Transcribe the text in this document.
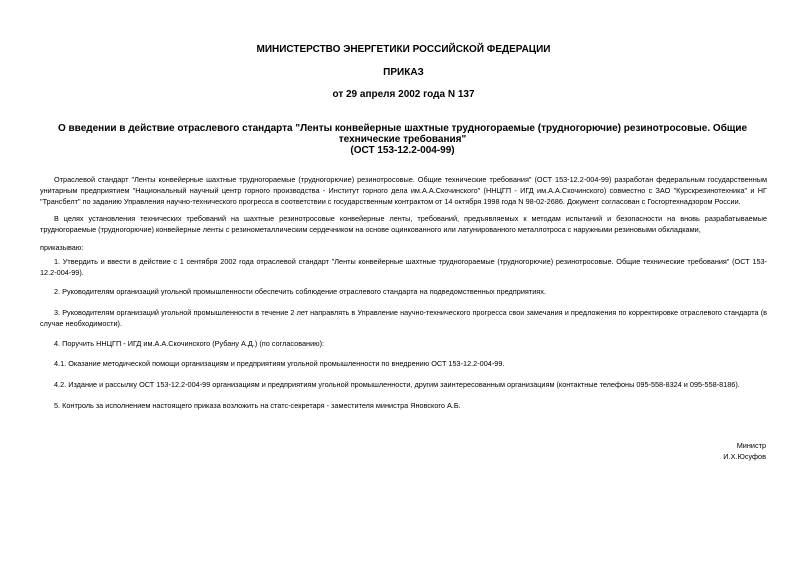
МИНИСТЕРСТВО ЭНЕРГЕТИКИ РОССИЙСКОЙ ФЕДЕРАЦИИ
ПРИКАЗ
от 29 апреля 2002 года N 137
О введении в действие отраслевого стандарта "Ленты конвейерные шахтные трудногораемые (трудногорючие) резинотросовые. Общие технические требования"
(ОСТ 153-12.2-004-99)
Отраслевой стандарт "Ленты конвейерные шахтные трудногораемые (трудногорючие) резинотросовые. Общие технические требования" (ОСТ 153-12.2-004-99) разработан федеральным государственным унитарным предприятием "Национальный научный центр горного производства - Институт горного дела им.А.А.Скочинского" (ННЦГП - ИГД им.А.А.Скочинского) совместно с ЗАО "Курскрезинотехника" и НГ "Трансбелт" по заданию Управления научно-технического прогресса в соответствии с государственным контрактом от 14 октября 1998 года N 98-02-2686. Документ согласован с Госгортехнадзором России.
В целях установления технических требований на шахтные резинотросовые конвейерные ленты, требований, предъявляемых к методам испытаний и безопасности на вновь разрабатываемые трудногораемые (трудногорючие) конвейерные ленты с резинометаллическим сердечником на основе оцинкованного или латунированного металлотроса с наружными резиновыми обкладками,
приказываю:
1. Утвердить и ввести в действие с 1 сентября 2002 года отраслевой стандарт "Ленты конвейерные шахтные трудногораемые (трудногорючие) резинотросовые. Общие технические требования" (ОСТ 153-12.2-004-99).
2. Руководителям организаций угольной промышленности обеспечить соблюдение отраслевого стандарта на подведомственных предприятиях.
3. Руководителям организаций угольной промышленности в течение 2 лет направлять в Управление научно-технического прогресса свои замечания и предложения по корректировке отраслевого стандарта (в случае необходимости).
4. Поручить ННЦГП - ИГД им.А.А.Скочинского (Рубану А.Д.) (по согласованию):
4.1. Оказание методической помощи организациям и предприятиям угольной промышленности по внедрению ОСТ 153-12.2-004-99.
4.2. Издание и рассылку ОСТ 153-12.2-004-99 организациям и предприятиям угольной промышленности, другим заинтересованным организациям (контактные телефоны 095-558-8324 и 095-558-8186).
5. Контроль за исполнением настоящего приказа возложить на статс-секретаря - заместителя министра Яновского А.Б.
Министр
И.Х.Юсуфов
